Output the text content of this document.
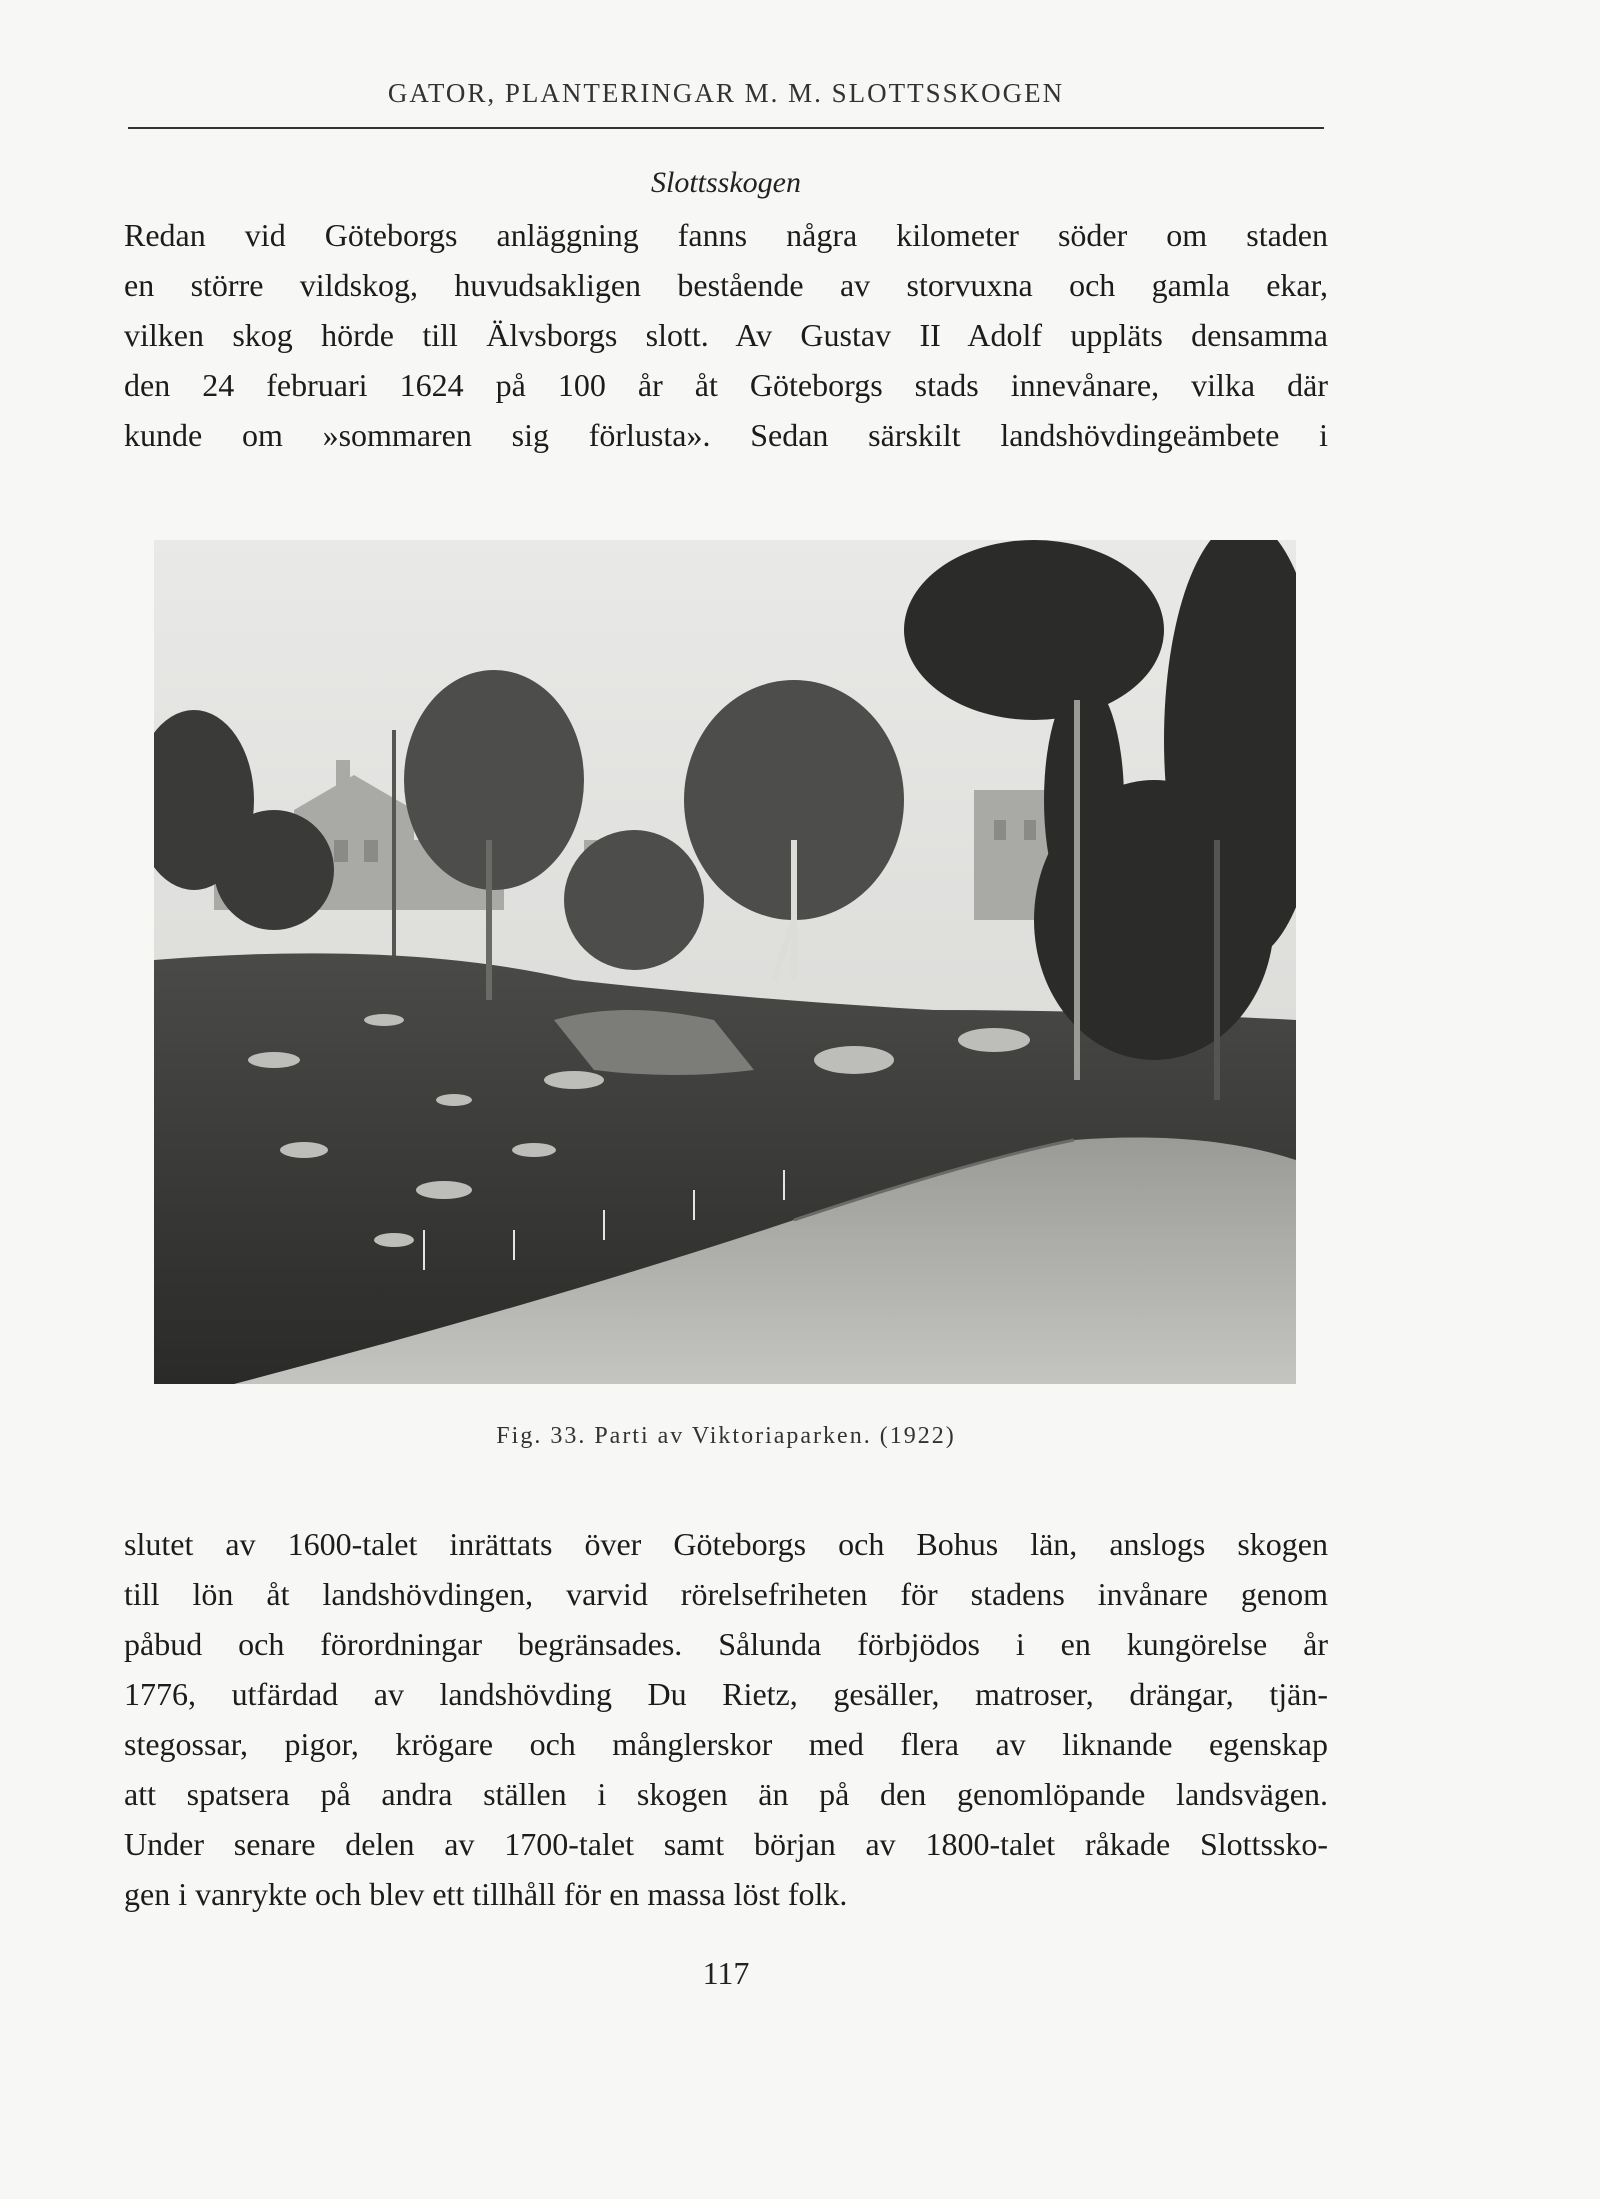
GATOR, PLANTERINGAR M. M. SLOTTSSKOGEN
Slottsskogen
Redan vid Göteborgs anläggning fanns några kilometer söder om staden
en större vildskog, huvudsakligen bestående av storvuxna och gamla ekar,
vilken skog hörde till Älvsborgs slott. Av Gustav II Adolf uppläts densamma
den 24 februari 1624 på 100 år åt Göteborgs stads innevånare, vilka där
kunde om »sommaren sig förlusta». Sedan särskilt landshövdingeämbete i
Fig. 33. Parti av Viktoriaparken. (1922)
slutet av 1600-talet inrättats över Göteborgs och Bohus län, anslogs skogen
till lön åt landshövdingen, varvid rörelsefriheten för stadens invånare genom
påbud och förordningar begränsades. Sålunda förbjödos i en kungörelse år
1776, utfärdad av landshövding Du Rietz, gesäller, matroser, drängar, tjän-
stegossar, pigor, krögare och månglerskor med flera av liknande egenskap
att spatsera på andra ställen i skogen än på den genomlöpande landsvägen.
Under senare delen av 1700-talet samt början av 1800-talet råkade Slottssko-
gen i vanrykte och blev ett tillhåll för en massa löst folk.
117
